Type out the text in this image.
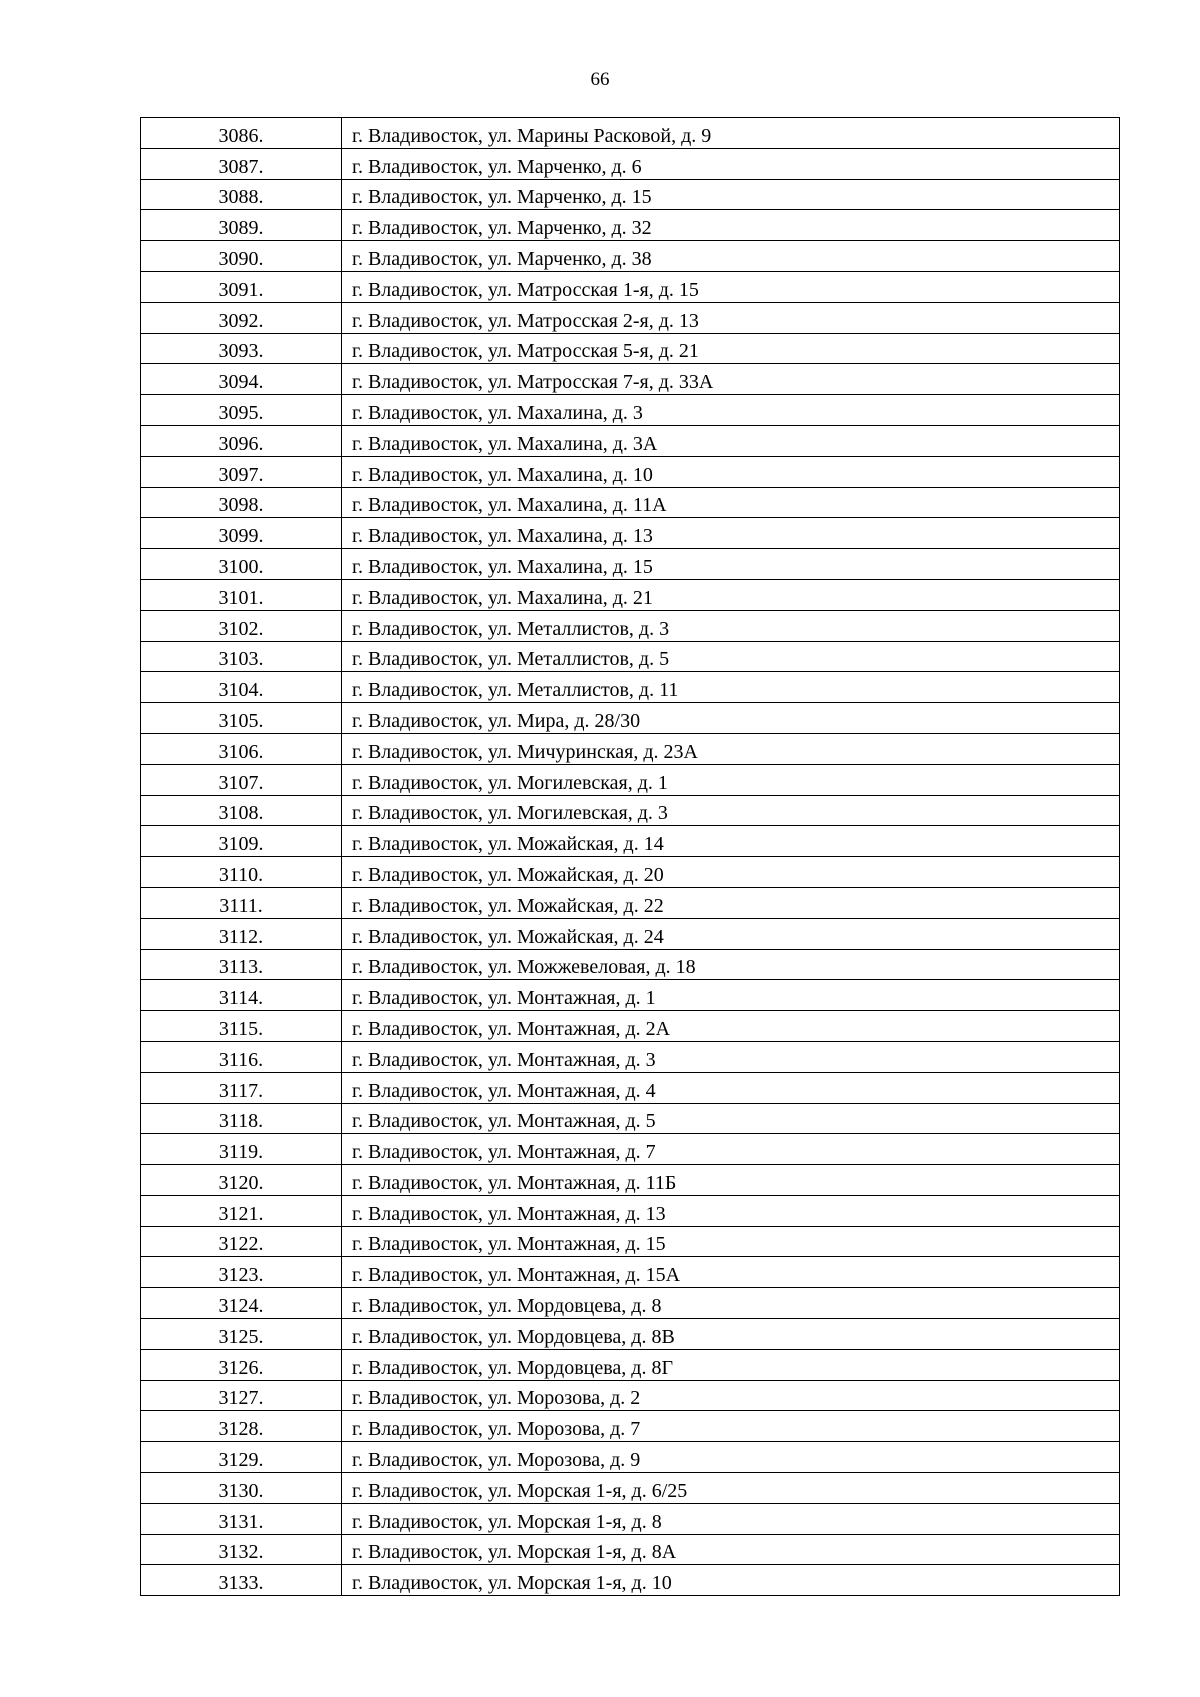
66
3086.	г. Владивосток, ул. Марины Расковой, д. 9
3087.	г. Владивосток, ул. Марченко, д. 6
3088.	г. Владивосток, ул. Марченко, д. 15
3089.	г. Владивосток, ул. Марченко, д. 32
3090.	г. Владивосток, ул. Марченко, д. 38
3091.	г. Владивосток, ул. Матросская 1-я, д. 15
3092.	г. Владивосток, ул. Матросская 2-я, д. 13
3093.	г. Владивосток, ул. Матросская 5-я, д. 21
3094.	г. Владивосток, ул. Матросская 7-я, д. 33А
3095.	г. Владивосток, ул. Махалина, д. 3
3096.	г. Владивосток, ул. Махалина, д. 3А
3097.	г. Владивосток, ул. Махалина, д. 10
3098.	г. Владивосток, ул. Махалина, д. 11А
3099.	г. Владивосток, ул. Махалина, д. 13
3100.	г. Владивосток, ул. Махалина, д. 15
3101.	г. Владивосток, ул. Махалина, д. 21
3102.	г. Владивосток, ул. Металлистов, д. 3
3103.	г. Владивосток, ул. Металлистов, д. 5
3104.	г. Владивосток, ул. Металлистов, д. 11
3105.	г. Владивосток, ул. Мира, д. 28/30
3106.	г. Владивосток, ул. Мичуринская, д. 23А
3107.	г. Владивосток, ул. Могилевская, д. 1
3108.	г. Владивосток, ул. Могилевская, д. 3
3109.	г. Владивосток, ул. Можайская, д. 14
3110.	г. Владивосток, ул. Можайская, д. 20
3111.	г. Владивосток, ул. Можайская, д. 22
3112.	г. Владивосток, ул. Можайская, д. 24
3113.	г. Владивосток, ул. Можжевеловая, д. 18
3114.	г. Владивосток, ул. Монтажная, д. 1
3115.	г. Владивосток, ул. Монтажная, д. 2А
3116.	г. Владивосток, ул. Монтажная, д. 3
3117.	г. Владивосток, ул. Монтажная, д. 4
3118.	г. Владивосток, ул. Монтажная, д. 5
3119.	г. Владивосток, ул. Монтажная, д. 7
3120.	г. Владивосток, ул. Монтажная, д. 11Б
3121.	г. Владивосток, ул. Монтажная, д. 13
3122.	г. Владивосток, ул. Монтажная, д. 15
3123.	г. Владивосток, ул. Монтажная, д. 15А
3124.	г. Владивосток, ул. Мордовцева, д. 8
3125.	г. Владивосток, ул. Мордовцева, д. 8В
3126.	г. Владивосток, ул. Мордовцева, д. 8Г
3127.	г. Владивосток, ул. Морозова, д. 2
3128.	г. Владивосток, ул. Морозова, д. 7
3129.	г. Владивосток, ул. Морозова, д. 9
3130.	г. Владивосток, ул. Морская 1-я, д. 6/25
3131.	г. Владивосток, ул. Морская 1-я, д. 8
3132.	г. Владивосток, ул. Морская 1-я, д. 8А
3133.	г. Владивосток, ул. Морская 1-я, д. 10
